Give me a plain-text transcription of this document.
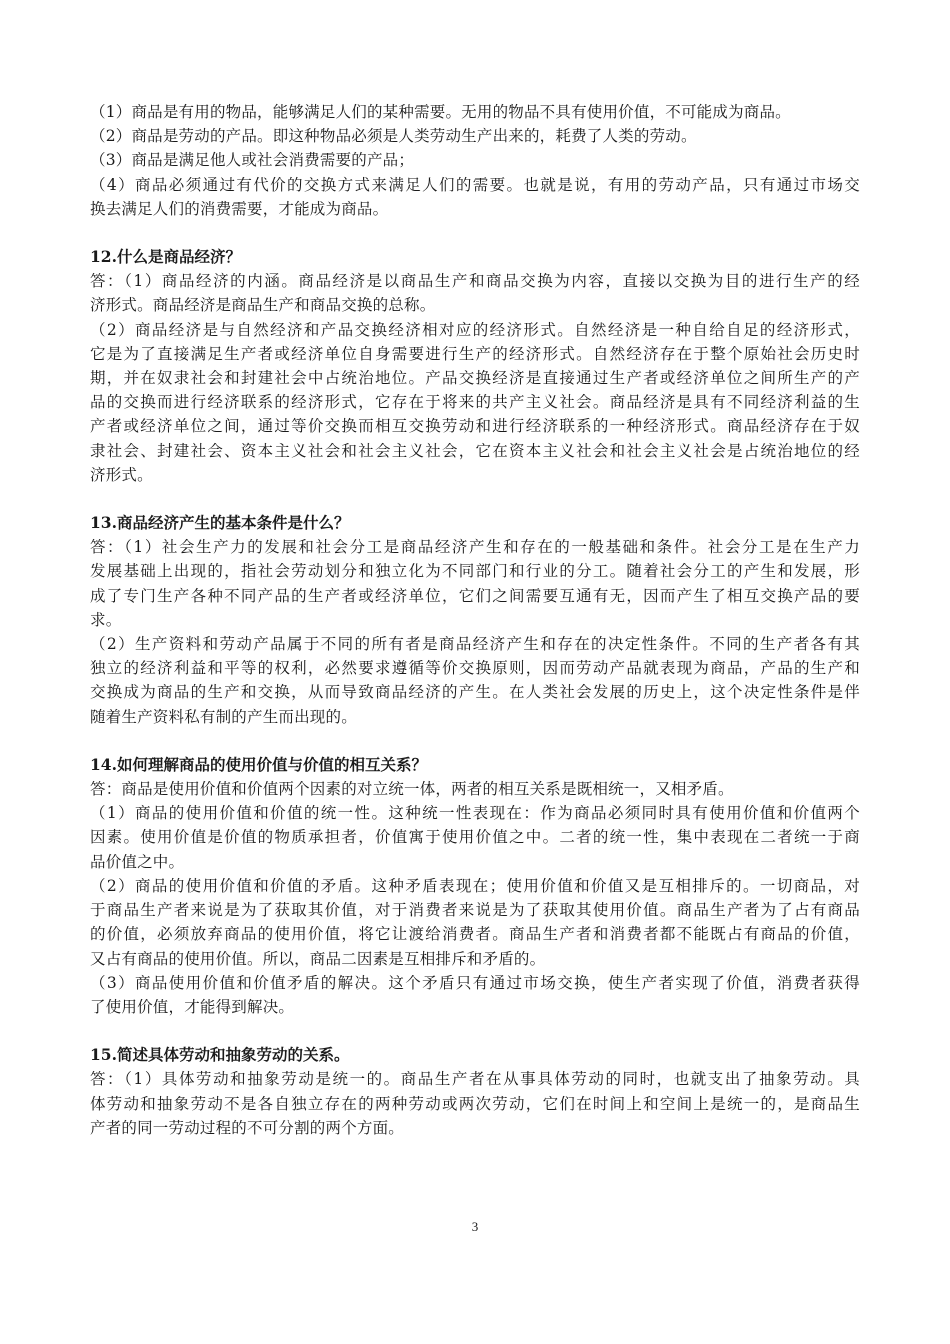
（1）商品是有用的物品，能够满足人们的某种需要。无用的物品不具有使用价值，不可能成为商品。
（2）商品是劳动的产品。即这种物品必须是人类劳动生产出来的，耗费了人类的劳动。
（3）商品是满足他人或社会消费需要的产品；
（4）商品必须通过有代价的交换方式来满足人们的需要。也就是说，有用的劳动产品，只有通过市场交
换去满足人们的消费需要，才能成为商品。
12.什么是商品经济？
答：（1）商品经济的内涵。商品经济是以商品生产和商品交换为内容，直接以交换为目的进行生产的经
济形式。商品经济是商品生产和商品交换的总称。
（2）商品经济是与自然经济和产品交换经济相对应的经济形式。自然经济是一种自给自足的经济形式，
它是为了直接满足生产者或经济单位自身需要进行生产的经济形式。自然经济存在于整个原始社会历史时
期，并在奴隶社会和封建社会中占统治地位。产品交换经济是直接通过生产者或经济单位之间所生产的产
品的交换而进行经济联系的经济形式，它存在于将来的共产主义社会。商品经济是具有不同经济利益的生
产者或经济单位之间，通过等价交换而相互交换劳动和进行经济联系的一种经济形式。商品经济存在于奴
隶社会、封建社会、资本主义社会和社会主义社会，它在资本主义社会和社会主义社会是占统治地位的经
济形式。
13.商品经济产生的基本条件是什么？
答：（1）社会生产力的发展和社会分工是商品经济产生和存在的一般基础和条件。社会分工是在生产力
发展基础上出现的，指社会劳动划分和独立化为不同部门和行业的分工。随着社会分工的产生和发展，形
成了专门生产各种不同产品的生产者或经济单位，它们之间需要互通有无，因而产生了相互交换产品的要
求。
（2）生产资料和劳动产品属于不同的所有者是商品经济产生和存在的决定性条件。不同的生产者各有其
独立的经济利益和平等的权利，必然要求遵循等价交换原则，因而劳动产品就表现为商品，产品的生产和
交换成为商品的生产和交换，从而导致商品经济的产生。在人类社会发展的历史上，这个决定性条件是伴
随着生产资料私有制的产生而出现的。
14.如何理解商品的使用价值与价值的相互关系？
答：商品是使用价值和价值两个因素的对立统一体，两者的相互关系是既相统一，又相矛盾。
（1）商品的使用价值和价值的统一性。这种统一性表现在：作为商品必须同时具有使用价值和价值两个
因素。使用价值是价值的物质承担者，价值寓于使用价值之中。二者的统一性，集中表现在二者统一于商
品价值之中。
（2）商品的使用价值和价值的矛盾。这种矛盾表现在；使用价值和价值又是互相排斥的。一切商品，对
于商品生产者来说是为了获取其价值，对于消费者来说是为了获取其使用价值。商品生产者为了占有商品
的价值，必须放弃商品的使用价值，将它让渡给消费者。商品生产者和消费者都不能既占有商品的价值，
又占有商品的使用价值。所以，商品二因素是互相排斥和矛盾的。
（3）商品使用价值和价值矛盾的解决。这个矛盾只有通过市场交换，使生产者实现了价值，消费者获得
了使用价值，才能得到解决。
15.简述具体劳动和抽象劳动的关系。
答：（1）具体劳动和抽象劳动是统一的。商品生产者在从事具体劳动的同时，也就支出了抽象劳动。具
体劳动和抽象劳动不是各自独立存在的两种劳动或两次劳动，它们在时间上和空间上是统一的，是商品生
产者的同一劳动过程的不可分割的两个方面。
3
